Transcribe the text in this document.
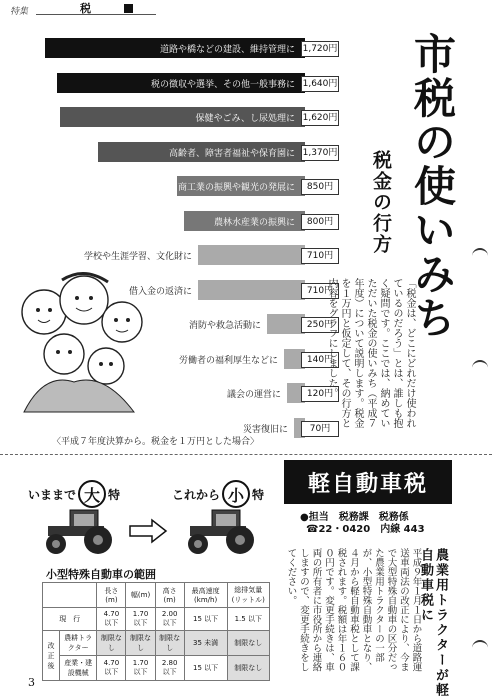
特集	税
道路や橋などの建設、維持管理に 1,720円
税の徴収や選挙、その他一般事務に 1,640円
保健やごみ、し尿処理に 1,620円
高齢者、障害者福祉や保育園に 1,370円
商工業の振興や観光の発展に	850円
農林水産業の振興に	800円
学校や生涯学習、文化財に	710円
借入金の返済に	710円
消防や救急活動に	250円
労働者の福利厚生などに	140円
議会の運営に	120円
災害復旧に	70円
〈平成７年度決算から。税金を１万円とした場合〉
市税の使いみち
税金の行方
「税金は、どこにどれだけ使われているのだろう」とは、誰しも抱く疑問です。ここでは、納めていただいた税金の使いみち（平成７年度）について説明します。税金を１万円と仮定して、その行方と内容をグラフにしました。
いままで 大 特	これから 小 特
小型特殊自動車の範囲
		長さ(m)	幅(m)	高さ(m)	最高速度(km/h)	総排気量(リットル)
現　行		4.70 以下	1.70 以下	2.00 以下	15 以下	1.5 以下
改正後	農耕トラクター	制限なし	制限なし	制限なし	35 未満	制限なし
	産業・建設機械	4.70 以下	1.70 以下	2.80 以下	15 以下	制限なし
3
軽自動車税
●担当　税務課　税務係
☎22・0420　内線 443
農業用トラクターが軽自動車税に
平成９年１月１日から道路運送車両法の改正により、今まで大型特殊自動車の区分だった農業用トラクターの一部が、小型特殊自動車となり、４月から軽自動車税として課税されます。税額は年１６００円です。変更手続きは、車両の所有者に市役所から連絡しますので、変更手続きをしてください。
